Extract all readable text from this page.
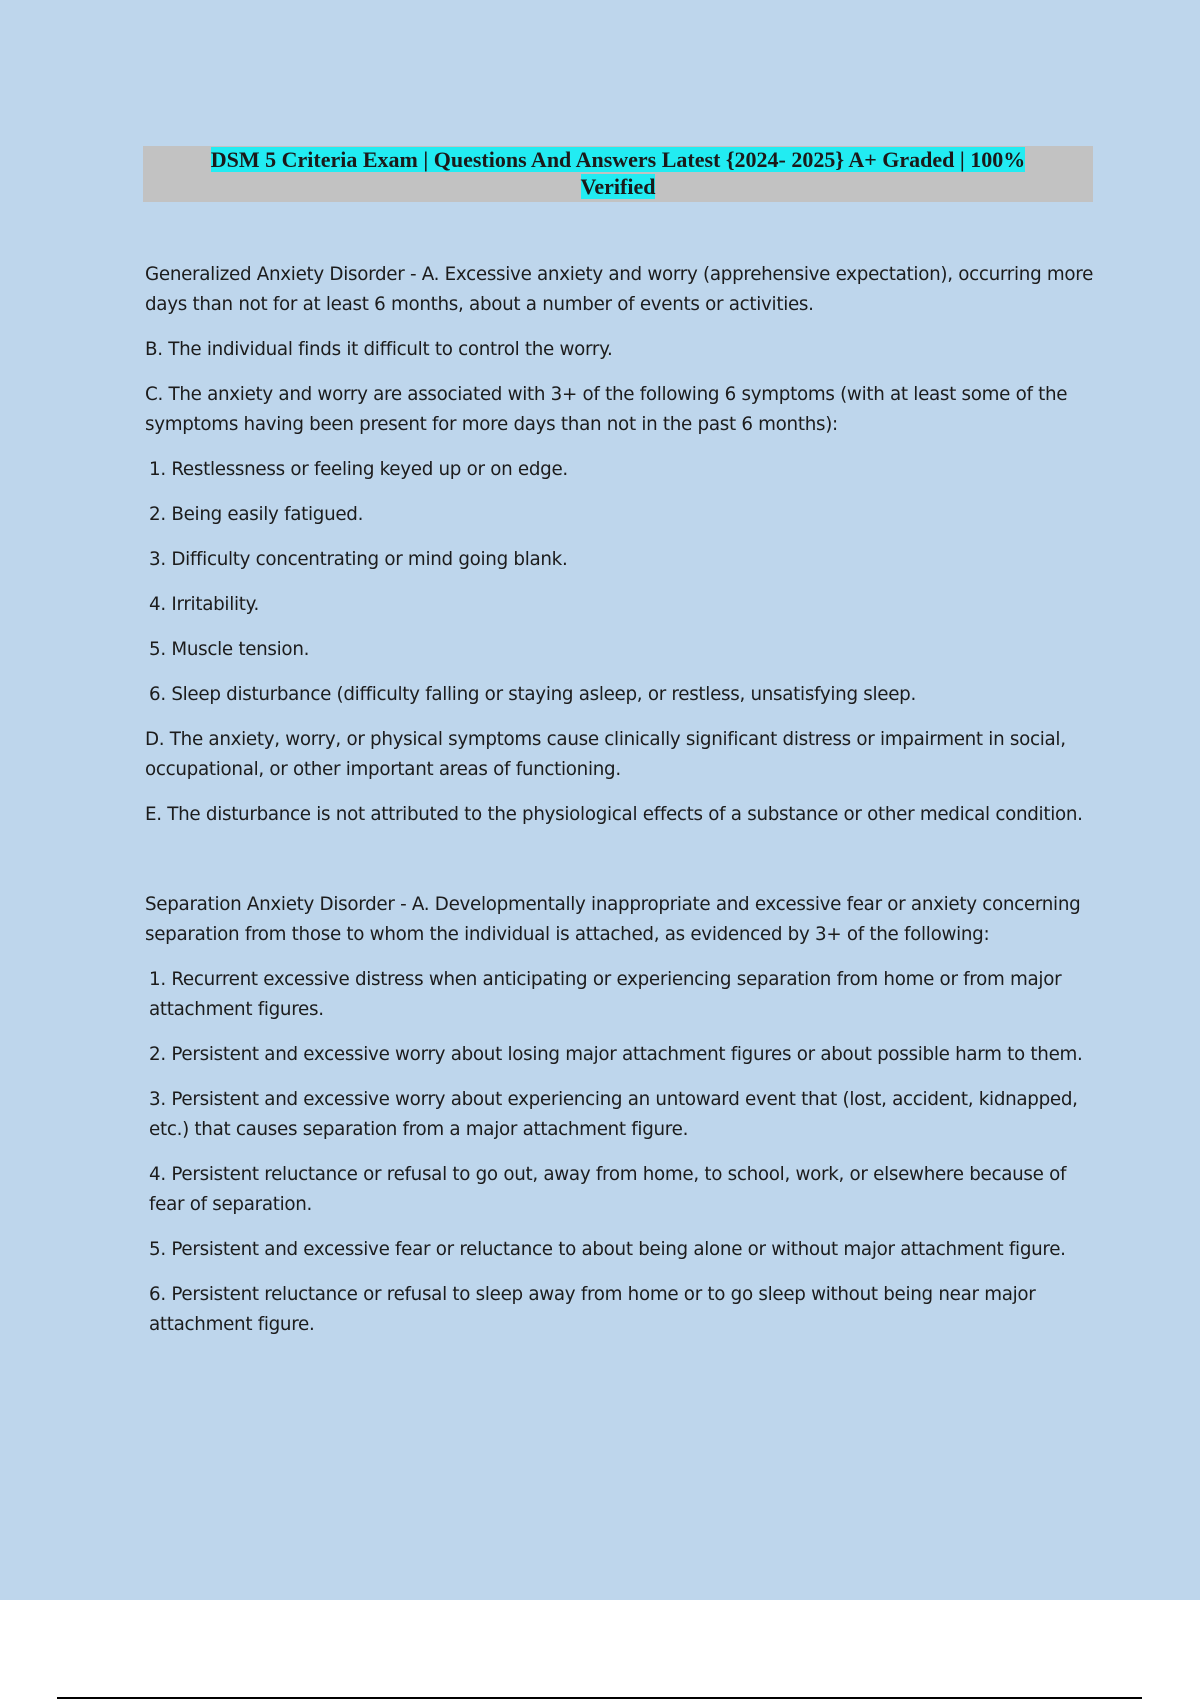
DSM 5 Criteria Exam | Questions And Answers Latest {2024- 2025} A+ Graded | 100%
Verified

Generalized Anxiety Disorder - A. Excessive anxiety and worry (apprehensive expectation), occurring more days than not for at least 6 months, about a number of events or activities.

B. The individual finds it difficult to control the worry.

C. The anxiety and worry are associated with 3+ of the following 6 symptoms (with at least some of the symptoms having been present for more days than not in the past 6 months):

1. Restlessness or feeling keyed up or on edge.

2. Being easily fatigued.

3. Difficulty concentrating or mind going blank.

4. Irritability.

5. Muscle tension.

6. Sleep disturbance (difficulty falling or staying asleep, or restless, unsatisfying sleep.

D. The anxiety, worry, or physical symptoms cause clinically significant distress or impairment in social, occupational, or other important areas of functioning.

E. The disturbance is not attributed to the physiological effects of a substance or other medical condition.

Separation Anxiety Disorder - A. Developmentally inappropriate and excessive fear or anxiety concerning separation from those to whom the individual is attached, as evidenced by 3+ of the following:

1. Recurrent excessive distress when anticipating or experiencing separation from home or from major attachment figures.

2. Persistent and excessive worry about losing major attachment figures or about possible harm to them.

3. Persistent and excessive worry about experiencing an untoward event that (lost, accident, kidnapped, etc.) that causes separation from a major attachment figure.

4. Persistent reluctance or refusal to go out, away from home, to school, work, or elsewhere because of fear of separation.

5. Persistent and excessive fear or reluctance to about being alone or without major attachment figure.

6. Persistent reluctance or refusal to sleep away from home or to go sleep without being near major attachment figure.
